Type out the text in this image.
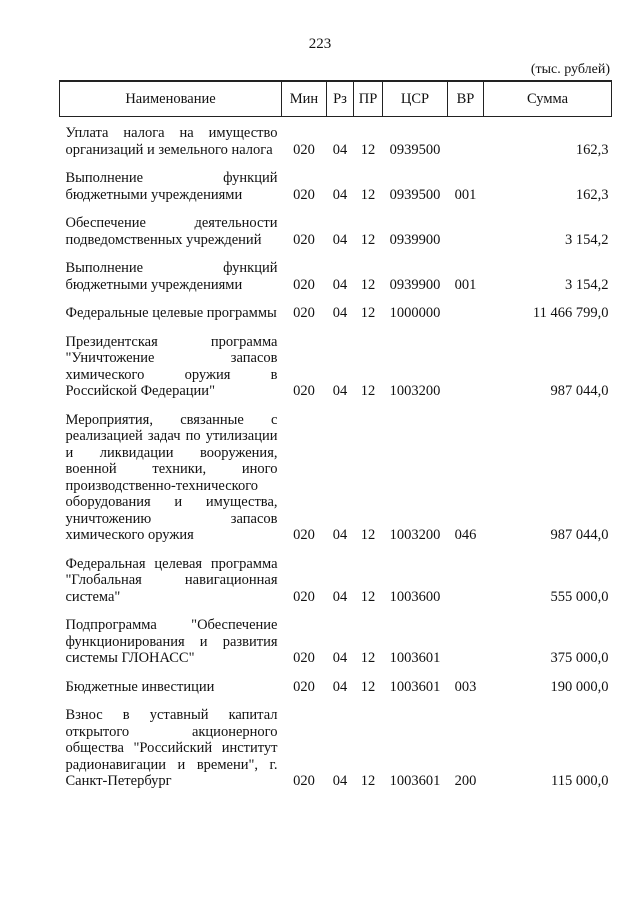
223
(тыс. рублей)
Наименование	Мин	Рз	ПР	ЦСР	ВР	Сумма
Уплата налога на имущество организаций и земельного налога	020	04	12	0939500		162,3
Выполнение функций бюджетными учреждениями	020	04	12	0939500	001	162,3
Обеспечение деятельности подведомственных учреждений	020	04	12	0939900		3 154,2
Выполнение функций бюджетными учреждениями	020	04	12	0939900	001	3 154,2
Федеральные целевые программы	020	04	12	1000000		11 466 799,0
Президентская программа "Уничтожение запасов химического оружия в Российской Федерации"	020	04	12	1003200		987 044,0
Мероприятия, связанные с реализацией задач по утилизации и ликвидации вооружения, военной техники, иного производственно-технического оборудования и имущества, уничтожению запасов химического оружия	020	04	12	1003200	046	987 044,0
Федеральная целевая программа "Глобальная навигационная система"	020	04	12	1003600		555 000,0
Подпрограмма "Обеспечение функционирования и развития системы ГЛОНАСС"	020	04	12	1003601		375 000,0
Бюджетные инвестиции	020	04	12	1003601	003	190 000,0
Взнос в уставный капитал открытого акционерного общества "Российский институт радионавигации и времени", г. Санкт-Петербург	020	04	12	1003601	200	115 000,0
